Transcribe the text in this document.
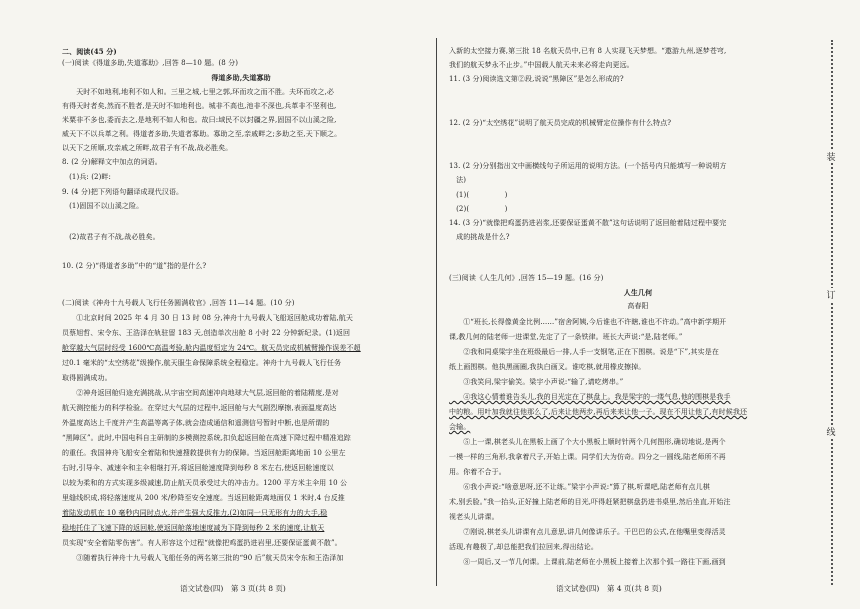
二、阅读(45 分)
(一)阅读《得道多助,失道寡助》,回答 8—10 题。(8 分)
得道多助,失道寡助
　　天时不如地利,地利不如人和。三里之城,七里之郭,环而攻之而不胜。夫环而攻之,必
有得天时者矣,然而不胜者,是天时不如地利也。城非不高也,池非不深也,兵革非不坚利也,
米粟非不多也,委而去之,是地利不如人和也。故曰:域民不以封疆之界,固国不以山溪之险,
威天下不以兵革之利。得道者多助,失道者寡助。寡助之至,亲戚畔之;多助之至,天下顺之。
以天下之所顺,攻亲戚之所畔,故君子有不战,战必胜矣。
8. (2 分)解释文中加点的词语。
　(1)兵: (2)畔:
9. (4 分)把下列语句翻译成现代汉语。
　(1)固国不以山溪之险。
　(2)故君子有不战,战必胜矣。
10. (2 分)“得道者多助”中的“道”指的是什么?
(二)阅读《神舟十九号载人飞行任务圆满收官》,回答 11—14 题。(10 分)
　　①北京时间 2025 年 4 月 30 日 13 时 08 分,神舟十九号载人飞船返回舱成功着陆,航天
员蔡旭哲、宋令东、王浩泽在轨驻留 183 天,创造单次出舱 8 小时 22 分钟新纪录。(1)返回
舱穿越大气层时经受 1600℃高温考验,舱内温度恒定为 24℃。航天员完成机械臂操作误差不超
过0.1 毫米的“太空绣花”级操作,航天服生命保障系统全程稳定。神舟十九号载人飞行任务
取得圆满成功。
　　②神舟返回舱归途充满挑战,从宇宙空间高速冲向地球大气层,返回舱的着陆精度,是对
航天测控能力的科学检验。在穿过大气层的过程中,返回舱与大气剧烈摩擦,表面温度高达
外温度高达上千度并产生高温等离子体,就会造成通信和遥测信号暂时中断,也是所谓的
“黑障区”。此时,中国电科自主研制的多模测控系统,扣负起返回舱在高速下降过程中精准追踪
的重任。我国神舟飞船安全着陆和快速搜救提供有力的保障。当返回舱距离地面 10 公里左
右时,引导伞、减速伞和主伞相继打开,将返回舱速度降到每秒 8 米左右,使返回舱速度以
以较为柔和的方式实现多级减速,防止航天员承受过大的冲击力。1200 平方米主伞用 10 公
里缝线织成,将轻落速度从 200 米/秒降至安全速度。当返回舱距离地面仅 1 米时,4 台反推
着陆发动机在 10 毫秒内同时点火,并产生强大反推力,(2)如同一只无形有力的大手,稳
稳地托住了飞速下降的返回舱,使返回舱落地速度减为下降到每秒 2 米的速度,让航天
员实现“安全着陆零伤害”。有人形容这个过程“就像把鸡蛋扔进岩里,还要保证蛋黄不散”。
　　③随着执行神舟十九号载人飞船任务的两名第三批的“90 后”航天员宋令东和王浩泽加
入新的太空接力赛,第三批 18 名航天员中,已有 8 人实现飞天梦想。“遨游九州,逐梦苍穹,
我们的航天梦永不止步。”中国载人航天未来必将走向更远。
11. (3 分)阅读选文第②段,说说“黑障区”是怎么形成的?
12. (2 分)“太空绣花”说明了航天员完成的机械臂定位操作有什么特点?
13. (2 分)分别指出文中画横线句子所运用的说明方法。(一个括号内只能填写一种说明方
　法)
　(1)(　　　　　)
　(2)(　　　　　)
14. (3 分)“就像把鸡蛋扔进岩浆,还要保证蛋黄不散”这句话说明了返回舱着陆过程中要完
　成的挑战是什么?
(三)阅读《人生几何》,回答 15—19 题。(16 分)
人生几何
高春阳
　　①“班长,长得像黄金比例……”宿舍阿姨,今后谁也不许瞎,谁也不许动。”高中新学期开
课,教几何的陆老师一进课堂,先定了了一条铁律。班长大声说:“是,陆老师。”
　　②我和同桌梁宇坐在班级最后一排,人手一支钢笔,正在下围棋。说是“下”,其实是在
纸上画围棋。他执黑画圈,我执白画叉。谁吃棋,就用橡皮擦掉。
　　③我笑问,梁宇偷笑。梁宇小声说:“输了,请吃烤串。”
　　④我这心情着谁告头儿,我的目光定在了棋盘上。我是梁宇的一缕气息,他的围棋是我手
中的粮。用叶加我就往他那么了,后来让他两步,再后来来让他一子。现在不用让他了,有时候我还
会输。
　　⑤上一课,棋老头儿在黑板上画了个大小黑板上顺时针两个几何图形,确切地说,是两个
一模一样的三角形,我拿着尺子,开始上课。同学们大为仿奇。四分之一圆线,陆老师所不再
用。你着不合于。
　　⑥我小声说:“啥意思呀,还不让练。”梁宇小声说:“算了棋,听课吧,陆老师有点儿棋
术,别丢脸。”我一抬头,正好撞上陆老师的目光,吓得赶紧把棋盘扔进书桌里,然后坐直,开始注
视老头儿讲课。
　　⑦刚说,棋老头儿讲课有点儿意思,讲几何像讲乐子。干巴巴的公式,在他嘴里变得活灵
活现,有趣极了,却总能把我们拉回来,得出结论。
　　⑧一周后,又一节几何课。上课前,陆老师在小黑板上接着上次那个弧一路往下画,画到
装
订
线
语文试卷(四)　第 3 页(共 8 页)	语文试卷(四)　第 4 页(共 8 页)
